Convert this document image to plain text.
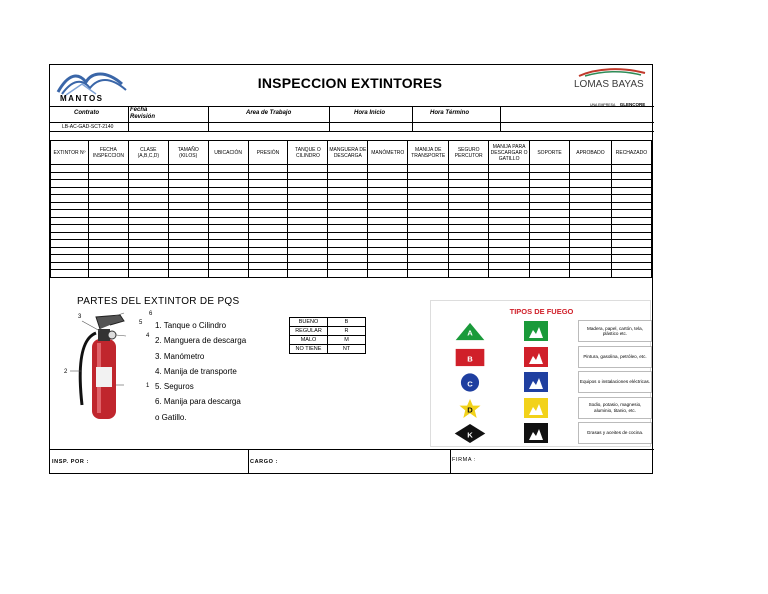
MANTOS
INSPECCION EXTINTORES	LOMAS BAYAS
UNA EMPRESA GLENCORE
Contrato	Fecha Revisión
Area de Trabajo	Hora Inicio	Hora Término
LB-AC-GAD-SCT-2140
EXTINTOR Nº	FECHA INSPECCION	CLASE (A,B,C,D)	TAMAÑO (KILOS)	UBICACIÓN	PRESIÓN	TANQUE O CILINDRO	MANGUERA DE DESCARGA	MANÓMETRO	MANIJA DE TRANSPORTE	SEGURO PERCUTOR	MANIJA PARA DESCARGAR O GATILLO	SOPORTE	APROBADO	RECHAZADO

PARTES DEL EXTINTOR DE PQS
3	6
5
4
2
1
1. Tanque o Cilindro
2. Manguera de descarga
3. Manómetro
4. Manija de transporte
5. Seguros
6. Manija para descarga
o Gatillo.
BUENO	B
REGULAR	R
MALO	M
NO TIENE	NT
TIPOS DE FUEGO
A
Madera, papel, cartón, tela, plástico etc.
B	Pintura, gasolina, petróleo, etc.
C	Equipos o instalaciones eléctricas.
D
Sodio, potasio, magnesio, aluminio, titanio, etc.
K	Grasas y aceites de cocina.
INSP. POR :	CARGO :	FIRMA :
